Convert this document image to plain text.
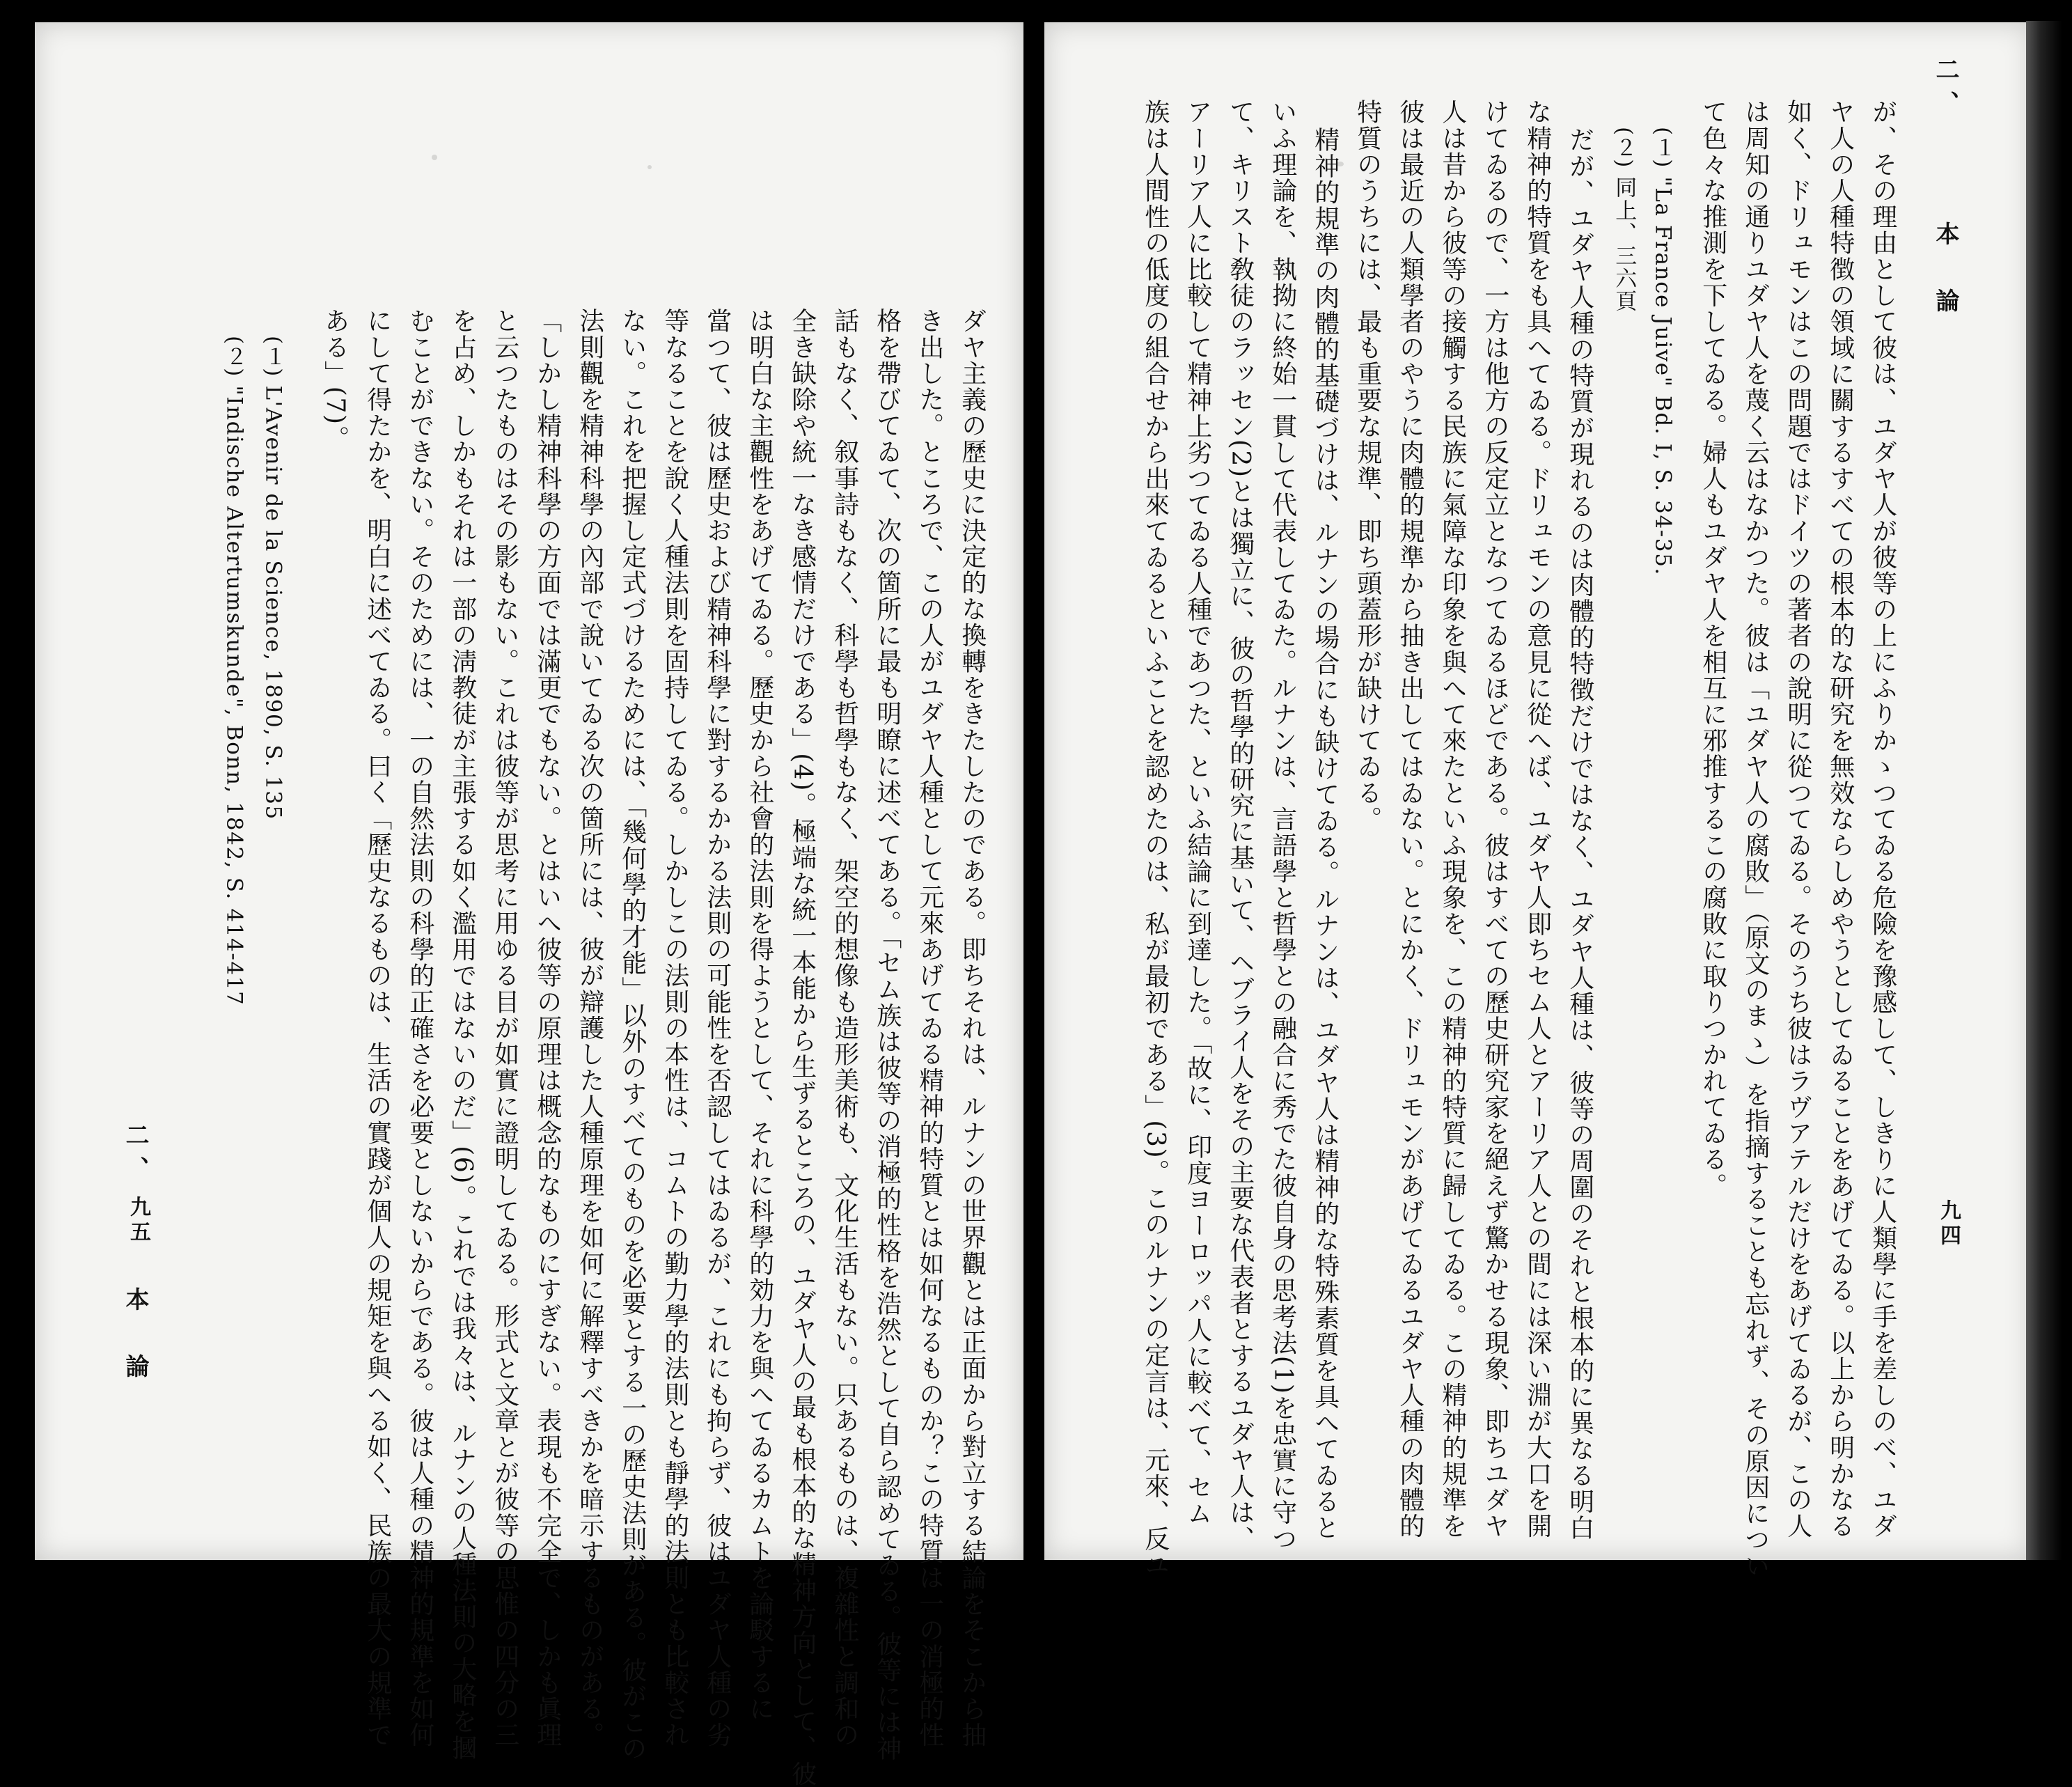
二、本　論
九五	ダヤ主義の歷史に決定的な換轉をきたしたのである。即ちそれは、ルナンの世界觀とは正面から對立する結論をそこから抽
き出した。ところで、この人がユダヤ人種として元來あげてゐる精神的特質とは如何なるものか？この特質は一の消極的性
格を帶びてゐて、次の箇所に最も明瞭に述べてある。「セム族は彼等の消極的性格を浩然として自ら認めてゐる。彼等には神
話もなく、叙事詩もなく、科學も哲學もなく、架空的想像も造形美術も、文化生活もない。只あるものは、複雜性と調和の
全き缺除や統一なき感情だけである」(4)。極端な統一本能から生ずるところの、ユダヤ人の最も根本的な精神方向として、彼
は明白な主觀性をあげてゐる。歷史から社會的法則を得ようとして、それに科學的効力を與へてゐるカムトを論駁するに
當つて、彼は歷史および精神科學に對するかかる法則の可能性を否認してはゐるが、これにも拘らず、彼はユダヤ人種の劣
等なることを說く人種法則を固持してゐる。しかしこの法則の本性は、コムトの勤力學的法則とも靜學的法則とも比較され
ない。これを把握し定式づけるためには、「幾何學的才能」以外のすべてのものを必要とする一の歷史法則がある。彼がこの
法則觀を精神科學の內部で說いてゐる次の箇所には、彼が辯護した人種原理を如何に解釋すべきかを暗示するものがある。
「しかし精神科學の方面では滿更でもない。とはいへ彼等の原理は概念的なものにすぎない。表現も不完全で、しかも眞理
と云つたものはその影もない。これは彼等が思考に用ゆる目が如實に證明してゐる。形式と文章とが彼等の思惟の四分の三
を占め、しかもそれは一部の淸教徒が主張する如く濫用ではないのだ」(6)。これでは我々は、ルナンの人種法則の大略を摑
むことができない。そのためには、一の自然法則の科學的正確さを必要としないからである。彼は人種の精神的規準を如何
にして得たかを、明白に述べてゐる。曰く「歷史なるものは、生活の實踐が個人の規矩を與へる如く、民族の最大の規準で
ある」(7)。
(１) L'Avenir de la Science, 1890, S. 135
(２) "Indische Altertumskunde", Bonn, 1842, S. 414-417
二、本　論
九四
が、その理由として彼は、ユダヤ人が彼等の上にふりかゝつてゐる危險を豫感して、しきりに人類學に手を差しのべ、ユダ
ヤ人の人種特徴の領域に關するすべての根本的な研究を無效ならしめやうとしてゐることをあげてゐる。以上から明かなる
如く、ドリュモンはこの問題ではドイツの著者の說明に從つてゐる。そのうち彼はラヴアテルだけをあげてゐるが、この人
は周知の通りユダヤ人を蔑く云はなかつた。彼は「ユダヤ人の腐敗」（原文のまゝ）を指摘することも忘れず、その原因につい
て色々な推測を下してゐる。婦人もユダヤ人を相互に邪推するこの腐敗に取りつかれてゐる。
(１) "La France Juive" Bd. I, S. 34-35.
(２) 同上、三六頁
だが、ユダヤ人種の特質が現れるのは肉體的特徴だけではなく、ユダヤ人種は、彼等の周圍のそれと根本的に異なる明白
な精神的特質をも具へてゐる。ドリュモンの意見に從へば、ユダヤ人即ちセム人とアーリア人との間には深い淵が大口を開
けてゐるので、一方は他方の反定立となつてゐるほどである。彼はすべての歷史研究家を絕えず驚かせる現象、即ちユダヤ
人は昔から彼等の接觸する民族に氣障な印象を與へて來たといふ現象を、この精神的特質に歸してゐる。この精神的規準を
彼は最近の人類學者のやうに肉體的規準から抽き出してはゐない。とにかく、ドリュモンがあげてゐるユダヤ人種の肉體的
特質のうちには、最も重要な規準、即ち頭蓋形が缺けてゐる。
精神的規準の肉體的基礎づけは、ルナンの場合にも缺けてゐる。ルナンは、ユダヤ人は精神的な特殊素質を具へてゐると
いふ理論を、執拗に終始一貫して代表してゐた。ルナンは、言語學と哲學との融合に秀でた彼自身の思考法(1)を忠實に守つ
て、キリスト敎徒のラッセン(2)とは獨立に、彼の哲學的研究に基いて、ヘブライ人をその主要な代表者とするユダヤ人は、
アーリア人に比較して精神上劣つてゐる人種であつた、といふ結論に到達した。「故に、印度ヨーロッパ人に較べて、セム
族は人間性の低度の組合せから出來てゐるといふことを認めたのは、私が最初である」(3)。このルナンの定言は、元來、反ユ
